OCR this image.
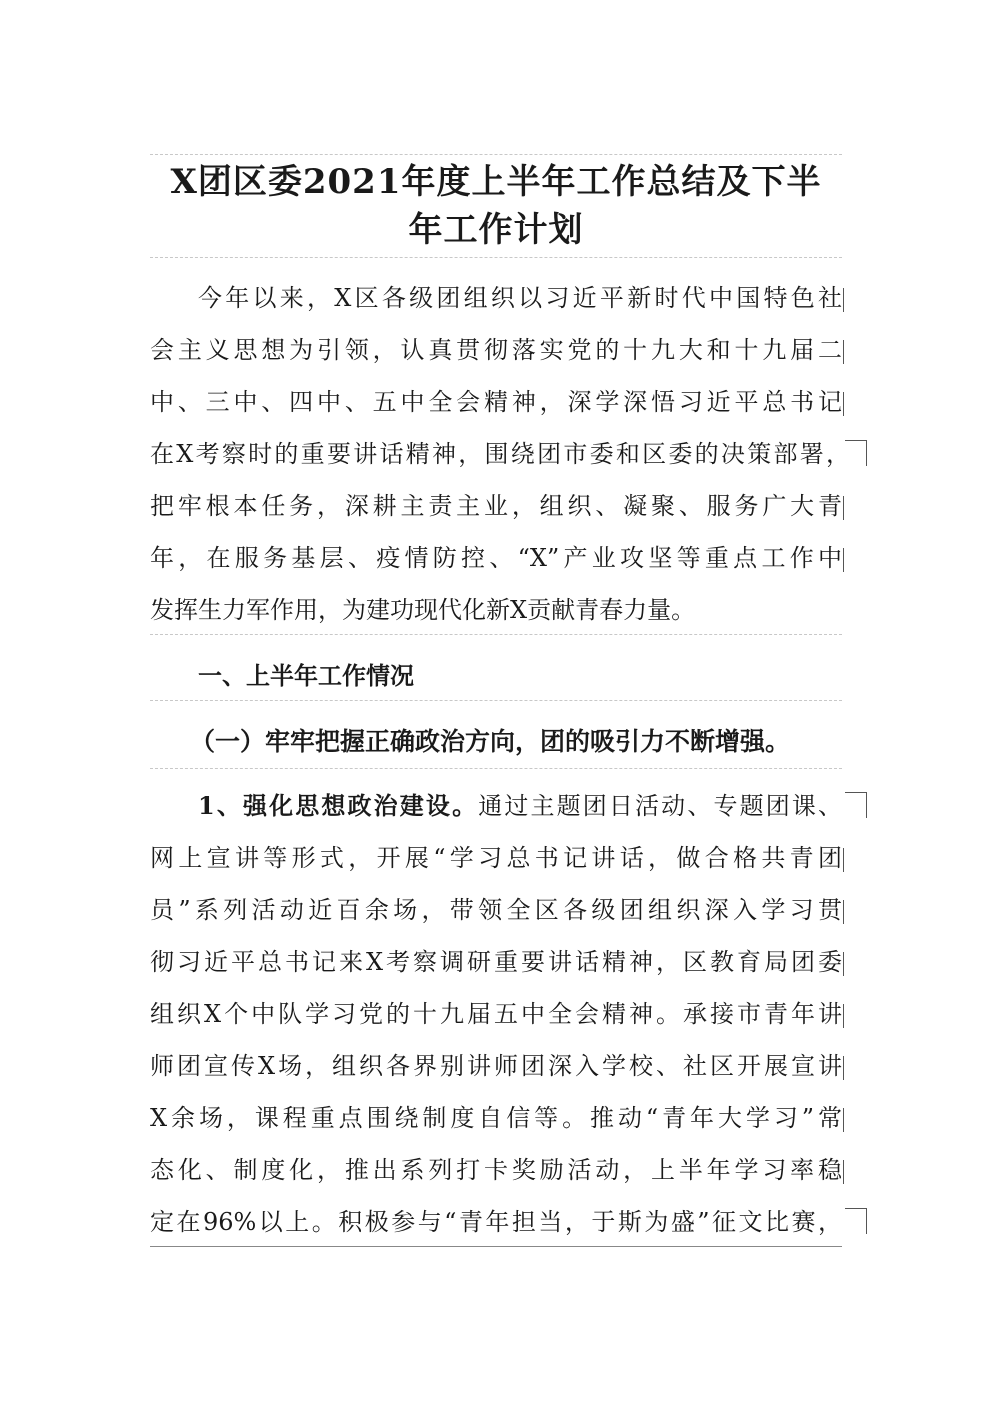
X团区委2021年度上半年工作总结及下半
年工作计划
今年以来，X区各级团组织以习近平新时代中国特色社
会主义思想为引领，认真贯彻落实党的十九大和十九届二
中、三中、四中、五中全会精神，深学深悟习近平总书记
在X考察时的重要讲话精神，围绕团市委和区委的决策部署，
把牢根本任务，深耕主责主业，组织、凝聚、服务广大青
年，在服务基层、疫情防控、“X”产业攻坚等重点工作中
发挥生力军作用，为建功现代化新X贡献青春力量。
一、上半年工作情况
（一）牢牢把握正确政治方向，团的吸引力不断增强。
1、强化思想政治建设。通过主题团日活动、专题团课、
网上宣讲等形式，开展“学习总书记讲话，做合格共青团
员”系列活动近百余场，带领全区各级团组织深入学习贯
彻习近平总书记来X考察调研重要讲话精神，区教育局团委
组织X个中队学习党的十九届五中全会精神。承接市青年讲
师团宣传X场，组织各界别讲师团深入学校、社区开展宣讲
X余场，课程重点围绕制度自信等。推动“青年大学习”常
态化、制度化，推出系列打卡奖励活动，上半年学习率稳
定在96%以上。积极参与“青年担当，于斯为盛”征文比赛，
